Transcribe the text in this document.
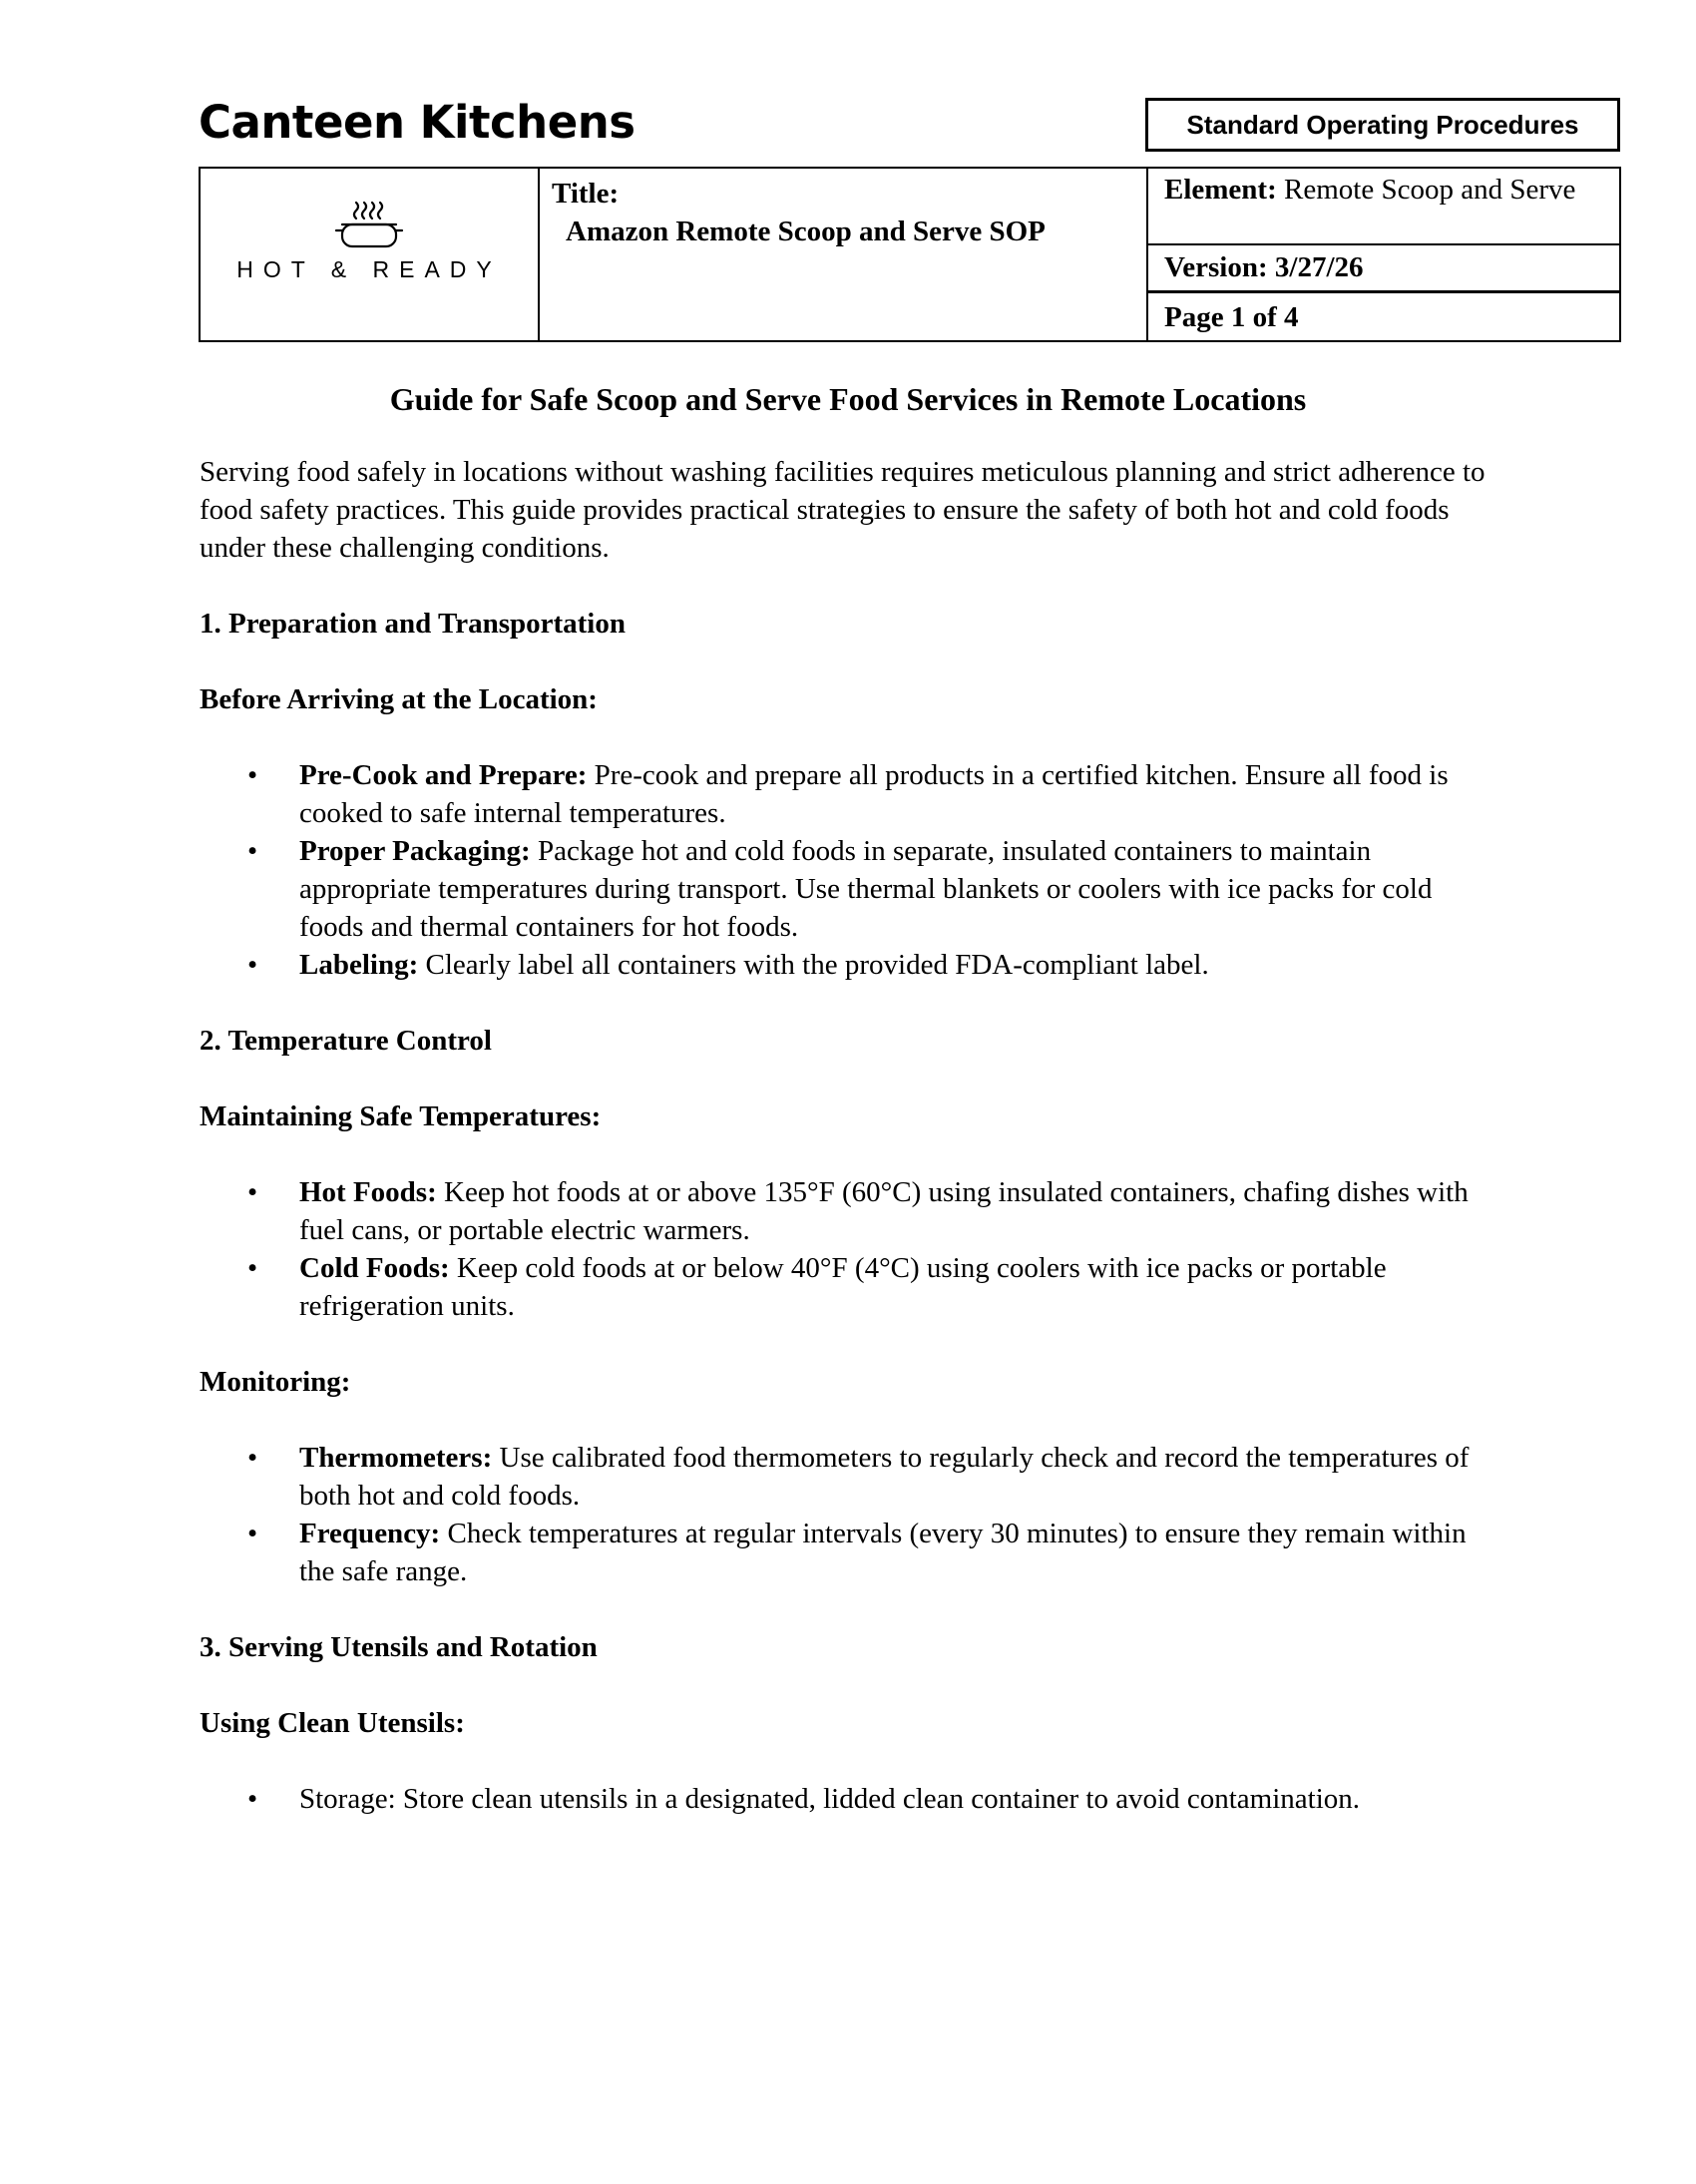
Canteen Kitchens	Standard Operating Procedures
HOT & READY
Title:
Amazon Remote Scoop and Serve SOP
Element: Remote Scoop and Serve
Version: 3/27/26
Page 1 of 4
Guide for Safe Scoop and Serve Food Services in Remote Locations

Serving food safely in locations without washing facilities requires meticulous planning and strict adherence to food safety practices. This guide provides practical strategies to ensure the safety of both hot and cold foods under these challenging conditions.

1. Preparation and Transportation
Before Arriving at the Location:
• Pre-Cook and Prepare: Pre-cook and prepare all products in a certified kitchen. Ensure all food is cooked to safe internal temperatures.
• Proper Packaging: Package hot and cold foods in separate, insulated containers to maintain appropriate temperatures during transport. Use thermal blankets or coolers with ice packs for cold foods and thermal containers for hot foods.
• Labeling: Clearly label all containers with the provided FDA-compliant label.
2. Temperature Control
Maintaining Safe Temperatures:
• Hot Foods: Keep hot foods at or above 135°F (60°C) using insulated containers, chafing dishes with fuel cans, or portable electric warmers.
• Cold Foods: Keep cold foods at or below 40°F (4°C) using coolers with ice packs or portable refrigeration units.
Monitoring:
• Thermometers: Use calibrated food thermometers to regularly check and record the temperatures of both hot and cold foods.
• Frequency: Check temperatures at regular intervals (every 30 minutes) to ensure they remain within the safe range.
3. Serving Utensils and Rotation
Using Clean Utensils:
• Storage: Store clean utensils in a designated, lidded clean container to avoid contamination.
